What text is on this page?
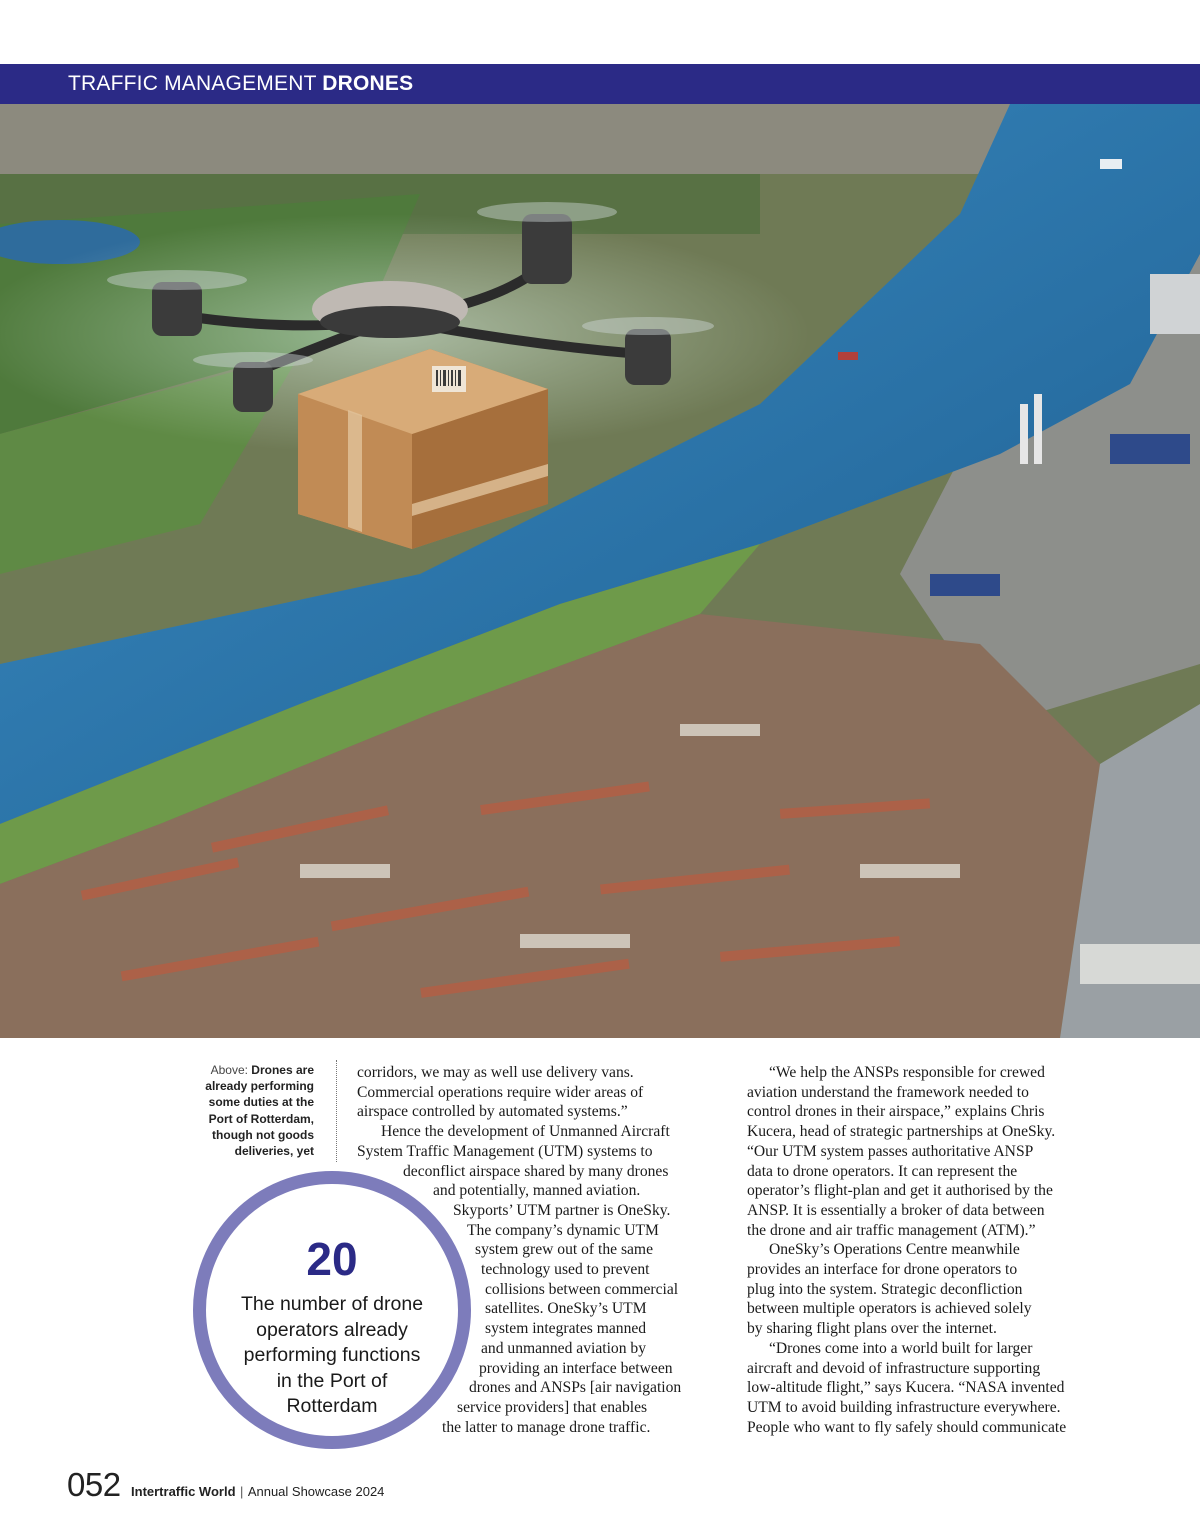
TRAFFIC MANAGEMENT DRONES
Above: Drones are
already performing
some duties at the
Port of Rotterdam,
though not goods
deliveries, yet
corridors, we may as well use delivery vans.
Commercial operations require wider areas of
airspace controlled by automated systems.”
Hence the development of Unmanned Aircraft
System Traffic Management (UTM) systems to
deconflict airspace shared by many drones
and potentially, manned aviation.
Skyports’ UTM partner is OneSky.
The company’s dynamic UTM
system grew out of the same
technology used to prevent
collisions between commercial
satellites. OneSky’s UTM
system integrates manned
and unmanned aviation by
providing an interface between
drones and ANSPs [air navigation
service providers] that enables
the latter to manage drone traffic.
20
The number of drone
operators already
performing functions
in the Port of
Rotterdam
“We help the ANSPs responsible for crewed
aviation understand the framework needed to
control drones in their airspace,” explains Chris
Kucera, head of strategic partnerships at OneSky.
“Our UTM system passes authoritative ANSP
data to drone operators. It can represent the
operator’s flight-plan and get it authorised by the
ANSP. It is essentially a broker of data between
the drone and air traffic management (ATM).”
OneSky’s Operations Centre meanwhile
provides an interface for drone operators to
plug into the system. Strategic deconfliction
between multiple operators is achieved solely
by sharing flight plans over the internet.
“Drones come into a world built for larger
aircraft and devoid of infrastructure supporting
low-altitude flight,” says Kucera. “NASA invented
UTM to avoid building infrastructure everywhere.
People who want to fly safely should communicate
052 Intertraffic World | Annual Showcase 2024
